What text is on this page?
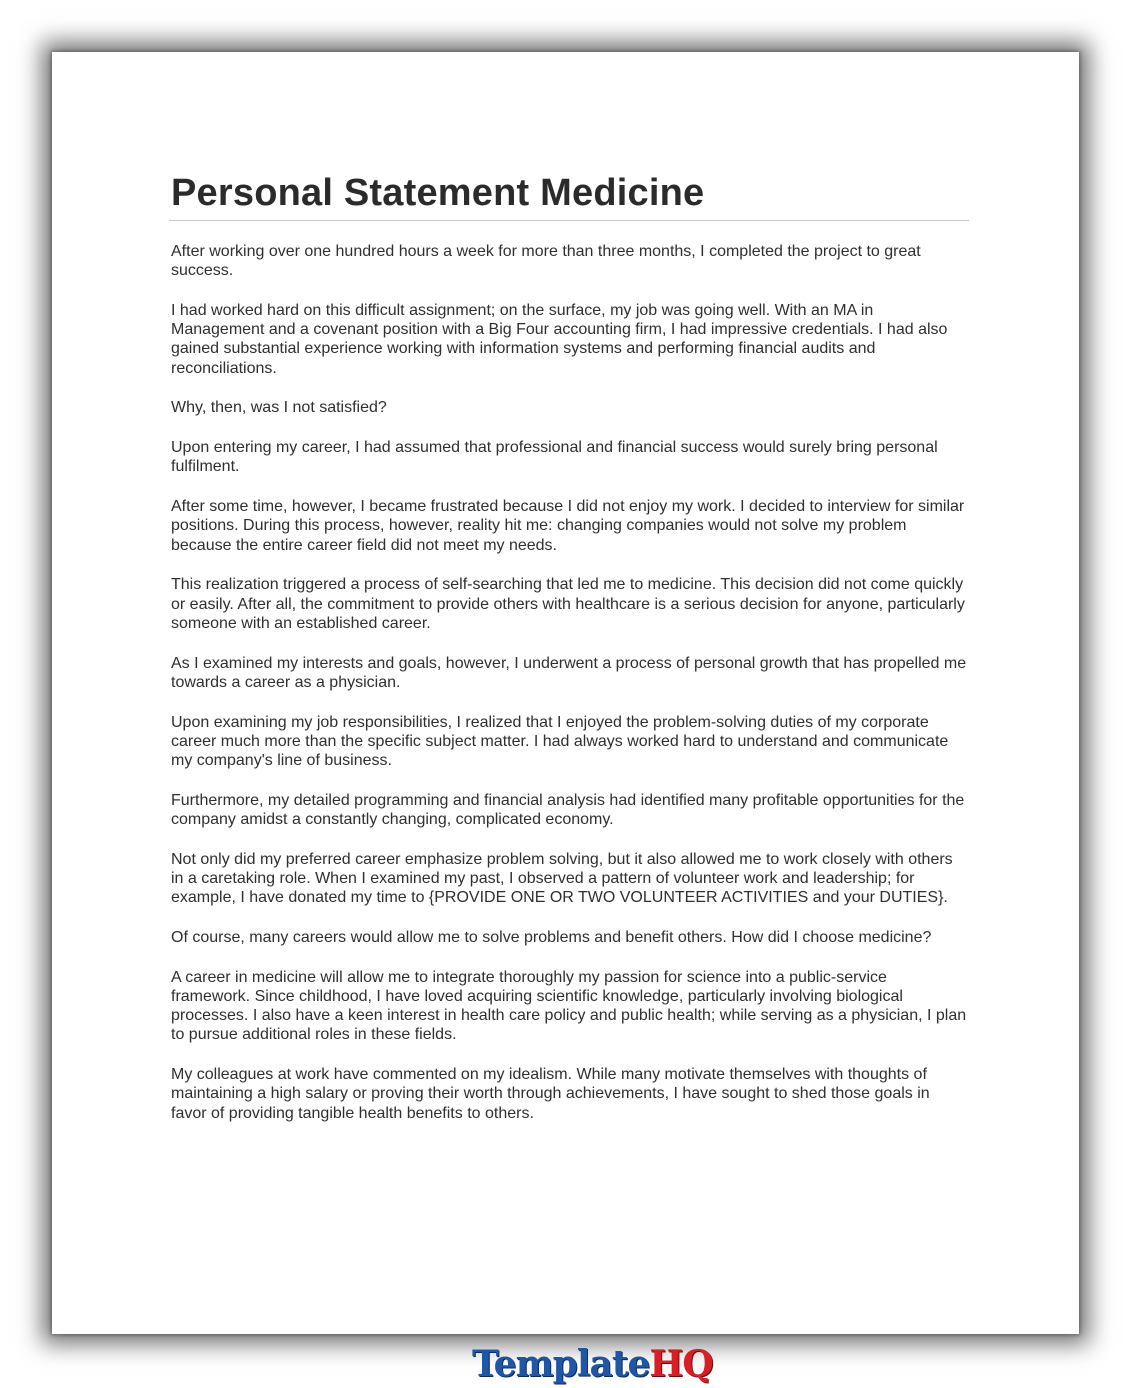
Personal Statement Medicine

After working over one hundred hours a week for more than three months, I completed the project to great success.

I had worked hard on this difficult assignment; on the surface, my job was going well. With an MA in Management and a covenant position with a Big Four accounting firm, I had impressive credentials. I had also gained substantial experience working with information systems and performing financial audits and reconciliations.

Why, then, was I not satisfied?

Upon entering my career, I had assumed that professional and financial success would surely bring personal fulfilment.

After some time, however, I became frustrated because I did not enjoy my work. I decided to interview for similar positions. During this process, however, reality hit me: changing companies would not solve my problem because the entire career field did not meet my needs.

This realization triggered a process of self-searching that led me to medicine. This decision did not come quickly or easily. After all, the commitment to provide others with healthcare is a serious decision for anyone, particularly someone with an established career.

As I examined my interests and goals, however, I underwent a process of personal growth that has propelled me towards a career as a physician.

Upon examining my job responsibilities, I realized that I enjoyed the problem-solving duties of my corporate career much more than the specific subject matter. I had always worked hard to understand and communicate my company's line of business.

Furthermore, my detailed programming and financial analysis had identified many profitable opportunities for the company amidst a constantly changing, complicated economy.

Not only did my preferred career emphasize problem solving, but it also allowed me to work closely with others in a caretaking role. When I examined my past, I observed a pattern of volunteer work and leadership; for example, I have donated my time to {PROVIDE ONE OR TWO VOLUNTEER ACTIVITIES and your DUTIES}.

Of course, many careers would allow me to solve problems and benefit others. How did I choose medicine?

A career in medicine will allow me to integrate thoroughly my passion for science into a public-service framework. Since childhood, I have loved acquiring scientific knowledge, particularly involving biological processes. I also have a keen interest in health care policy and public health; while serving as a physician, I plan to pursue additional roles in these fields.

My colleagues at work have commented on my idealism. While many motivate themselves with thoughts of maintaining a high salary or proving their worth through achievements, I have sought to shed those goals in favor of providing tangible health benefits to others.

Template HQ
